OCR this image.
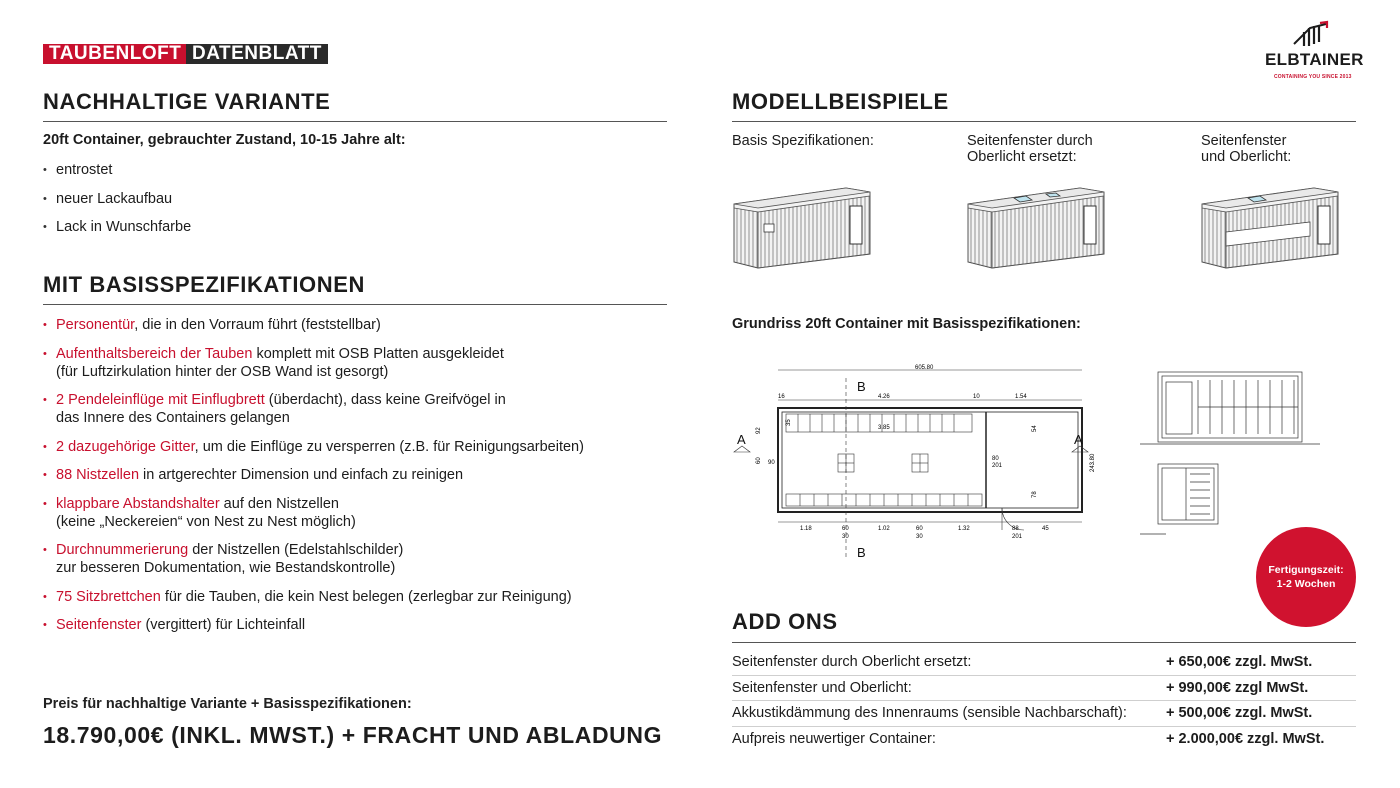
TAUBENLOFT DATENBLATT	ELBTAINER
CONTAINING YOU SINCE 2013
NACHHALTIGE VARIANTE
20ft Container, gebrauchter Zustand, 10-15 Jahre alt:
• entrostet
• neuer Lackaufbau
• Lack in Wunschfarbe
MIT BASISSPEZIFIKATIONEN
• Personentür, die in den Vorraum führt (feststellbar)
• Aufenthaltsbereich der Tauben komplett mit OSB Platten ausgekleidet
(für Luftzirkulation hinter der OSB Wand ist gesorgt)
• 2 Pendeleinflüge mit Einflugbrett (überdacht), dass keine Greifvögel in
das Innere des Containers gelangen
• 2 dazugehörige Gitter, um die Einflüge zu versperren (z.B. für Reinigungsarbeiten)
• 88 Nistzellen in artgerechter Dimension und einfach zu reinigen
• klappbare Abstandshalter auf den Nistzellen
(keine „Neckereien“ von Nest zu Nest möglich)
• Durchnummerierung der Nistzellen (Edelstahlschilder)
zur besseren Dokumentation, wie Bestandskontrolle)
• 75 Sitzbrettchen für die Tauben, die kein Nest belegen (zerlegbar zur Reinigung)
• Seitenfenster (vergittert) für Lichteinfall
Preis für nachhaltige Variante + Basisspezifikationen:
18.790,00€ (INKL. MWST.) + FRACHT UND ABLADUNG
MODELLBEISPIELE
Basis Spezifikationen:	Seitenfenster durch
Oberlicht ersetzt:
Seitenfenster
und Oberlicht:
Grundriss 20ft Container mit Basisspezifikationen:
605.80
16	4.26	10	1.54
3.85
35
80
201
54
78
243.80
92
60 90
1.18	60
30
1.02	60
30
1.32	88
201
45
B
B
A	A
Fertigungszeit:
1-2 Wochen
ADD ONS
Seitenfenster durch Oberlicht ersetzt:	+ 650,00€ zzgl. MwSt.
Seitenfenster und Oberlicht:	+ 990,00€ zzgl MwSt.
Akkustikdämmung des Innenraums (sensible Nachbarschaft):	+ 500,00€ zzgl. MwSt.
Aufpreis neuwertiger Container:	+ 2.000,00€ zzgl. MwSt.
